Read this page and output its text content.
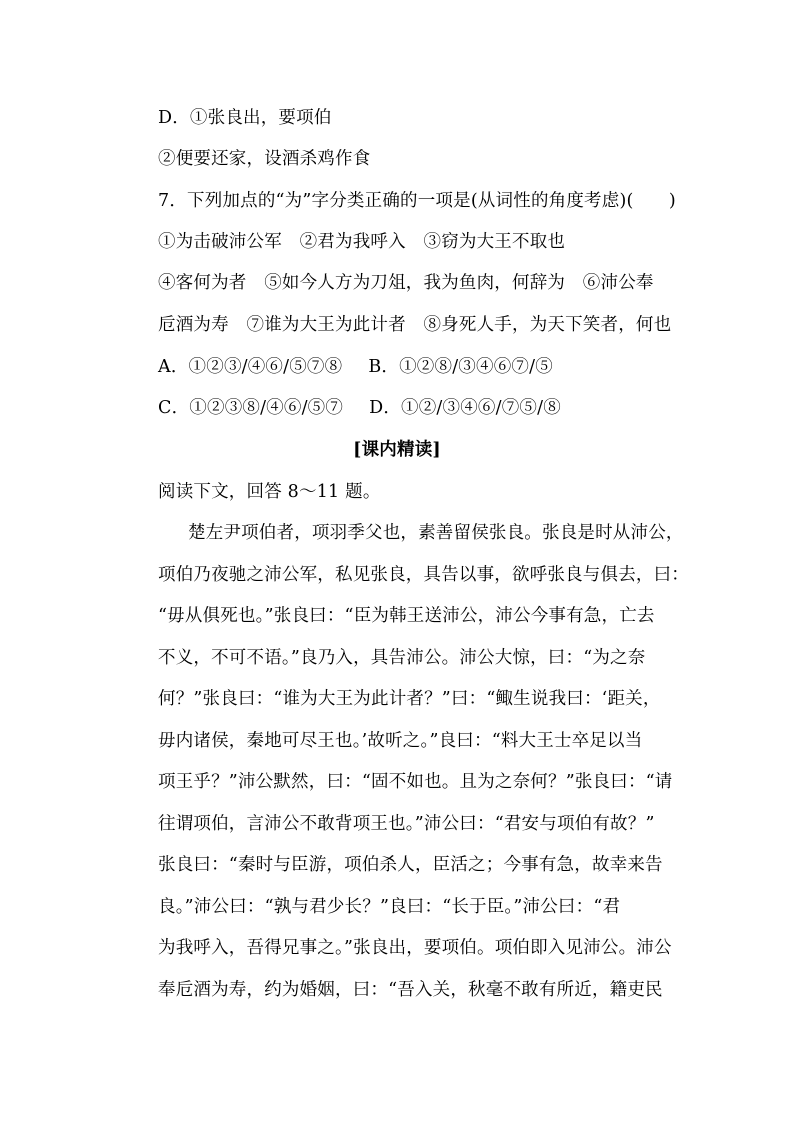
D．①张良出，要项伯
②便要还家，设酒杀鸡作食
7．下列加点的“为”字分类正确的一项是(从词性的角度考虑)(　　)
①为击破沛公军　②君为我呼入　③窃为大王不取也
④客何为者　⑤如今人方为刀俎，我为鱼肉，何辞为　⑥沛公奉
卮酒为寿　⑦谁为大王为此计者　⑧身死人手，为天下笑者，何也
A．①②③/④⑥/⑤⑦⑧ B．①②⑧/③④⑥⑦/⑤
C．①②③⑧/④⑥/⑤⑦ D．①②/③④⑥/⑦⑤/⑧
[课内精读]
阅读下文，回答 8～11 题。
楚左尹项伯者，项羽季父也，素善留侯张良。张良是时从沛公，
项伯乃夜驰之沛公军，私见张良，具告以事，欲呼张良与俱去，曰：
“毋从俱死也。”张良曰：“臣为韩王送沛公，沛公今事有急，亡去
不义，不可不语。”良乃入，具告沛公。沛公大惊，曰：“为之奈
何？”张良曰：“谁为大王为此计者？”曰：“鲰生说我曰：‘距关，
毋内诸侯，秦地可尽王也。’故听之。”良曰：“料大王士卒足以当
项王乎？”沛公默然，曰：“固不如也。且为之奈何？”张良曰：“请
往谓项伯，言沛公不敢背项王也。”沛公曰：“君安与项伯有故？”
张良曰：“秦时与臣游，项伯杀人，臣活之；今事有急，故幸来告
良。”沛公曰：“孰与君少长？”良曰：“长于臣。”沛公曰：“君
为我呼入，吾得兄事之。”张良出，要项伯。项伯即入见沛公。沛公
奉卮酒为寿，约为婚姻，曰：“吾入关，秋毫不敢有所近，籍吏民
